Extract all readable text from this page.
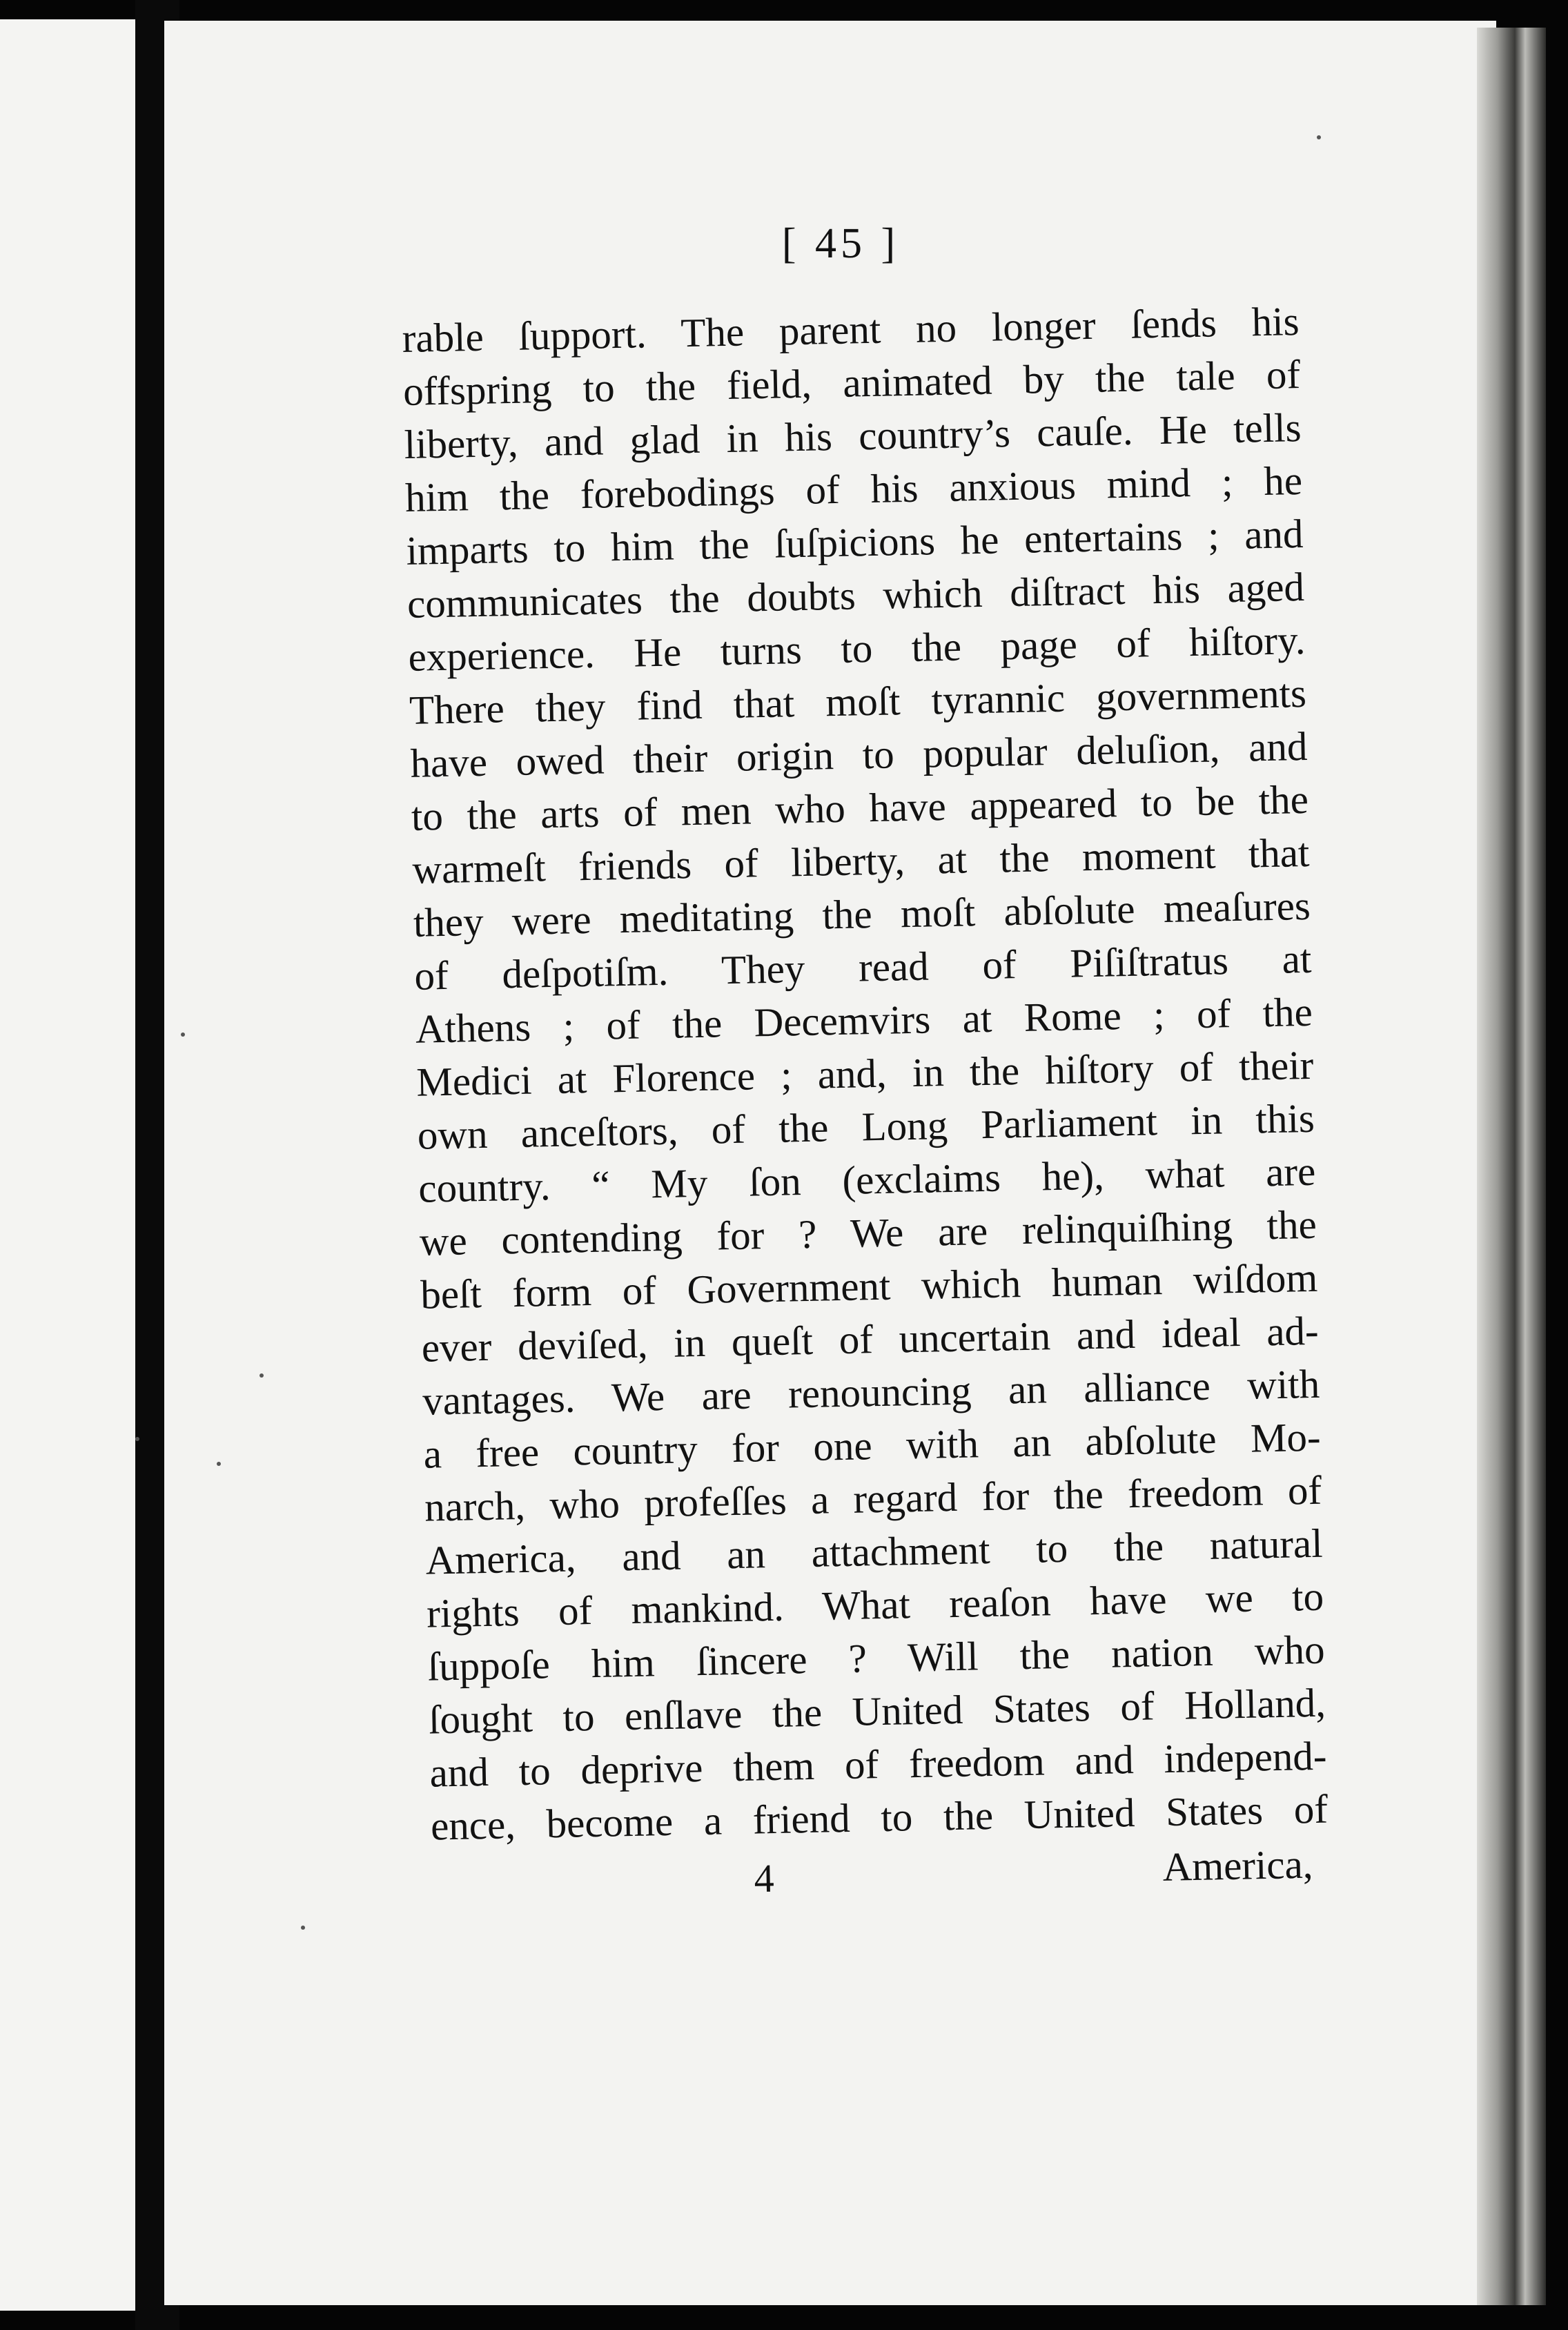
[ 45 ]
rable ſupport. The parent no longer ſends his
offspring to the field, animated by the tale of
liberty, and glad in his country’s cauſe. He tells
him the forebodings of his anxious mind ; he
imparts to him the ſuſpicions he entertains ; and
communicates the doubts which diſtract his aged
experience. He turns to the page of hiſtory.
There they find that moſt tyrannic governments
have owed their origin to popular deluſion, and
to the arts of men who have appeared to be the
warmeſt friends of liberty, at the moment that
they were meditating the moſt abſolute meaſures
of deſpotiſm. They read of Piſiſtratus at
Athens ; of the Decemvirs at Rome ; of the
Medici at Florence ; and, in the hiſtory of their
own anceſtors, of the Long Parliament in this
country. “ My ſon (exclaims he), what are
we contending for ? We are relinquiſhing the
beſt form of Government which human wiſdom
ever deviſed, in queſt of uncertain and ideal ad-
vantages. We are renouncing an alliance with
a free country for one with an abſolute Mo-
narch, who profeſſes a regard for the freedom of
America, and an attachment to the natural
rights of mankind. What reaſon have we to
ſuppoſe him ſincere ? Will the nation who
ſought to enſlave the United States of Holland,
and to deprive them of freedom and independ-
ence, become a friend to the United States of
4	America,
